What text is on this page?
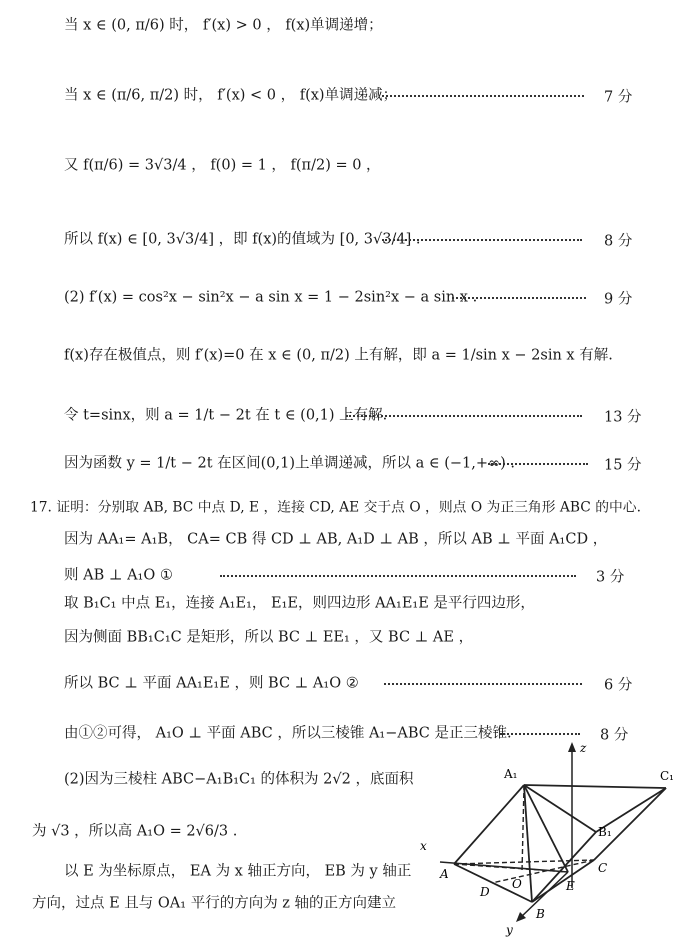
当 x ∈ (0, π/6) 时， f′(x) > 0 ， f(x)单调递增；
当 x ∈ (π/6, π/2) 时， f′(x) < 0 ， f(x)单调递减；	7 分
又 f(π/6) = 3√3/4 ， f(0) = 1 ， f(π/2) = 0 ，
所以 f(x) ∈ [0, 3√3/4] ，即 f(x)的值域为 [0, 3√3/4] .	8 分
(2) f′(x) = cos²x − sin²x − a sin x = 1 − 2sin²x − a sin x .	9 分
f(x)存在极值点，则 f′(x)=0 在 x ∈ (0, π/2) 上有解，即 a = 1/sin x − 2sin x 有解.
令 t=sinx，则 a = 1/t − 2t 在 t ∈ (0,1) 上有解.	13 分
因为函数 y = 1/t − 2t 在区间(0,1)上单调递减，所以 a ∈ (−1,+∞) .	15 分
17. 证明：分别取 AB, BC 中点 D, E ，连接 CD, AE 交于点 O ，则点 O 为正三角形 ABC 的中心.
因为 AA₁= A₁B， CA= CB 得 CD ⊥ AB, A₁D ⊥ AB ，所以 AB ⊥ 平面 A₁CD ，
则 AB ⊥ A₁O ①	3 分
取 B₁C₁ 中点 E₁，连接 A₁E₁， E₁E，则四边形 AA₁E₁E 是平行四边形，
因为侧面 BB₁C₁C 是矩形，所以 BC ⊥ EE₁ ，又 BC ⊥ AE ，
所以 BC ⊥ 平面 AA₁E₁E ，则 BC ⊥ A₁O ②	6 分
由①②可得， A₁O ⊥ 平面 ABC ，所以三棱锥 A₁−ABC 是正三棱锥.	8 分
(2)因为三棱柱 ABC−A₁B₁C₁ 的体积为 2√2 ，底面积
为 √3 ，所以高 A₁O = 2√6/3 .
以 E 为坐标原点， EA 为 x 轴正方向， EB 为 y 轴正
方向，过点 E 且与 OA₁ 平行的方向为 z 轴的正方向建立
A₁
B₁
C₁
A
B
C
D	E
O
x
y
z
